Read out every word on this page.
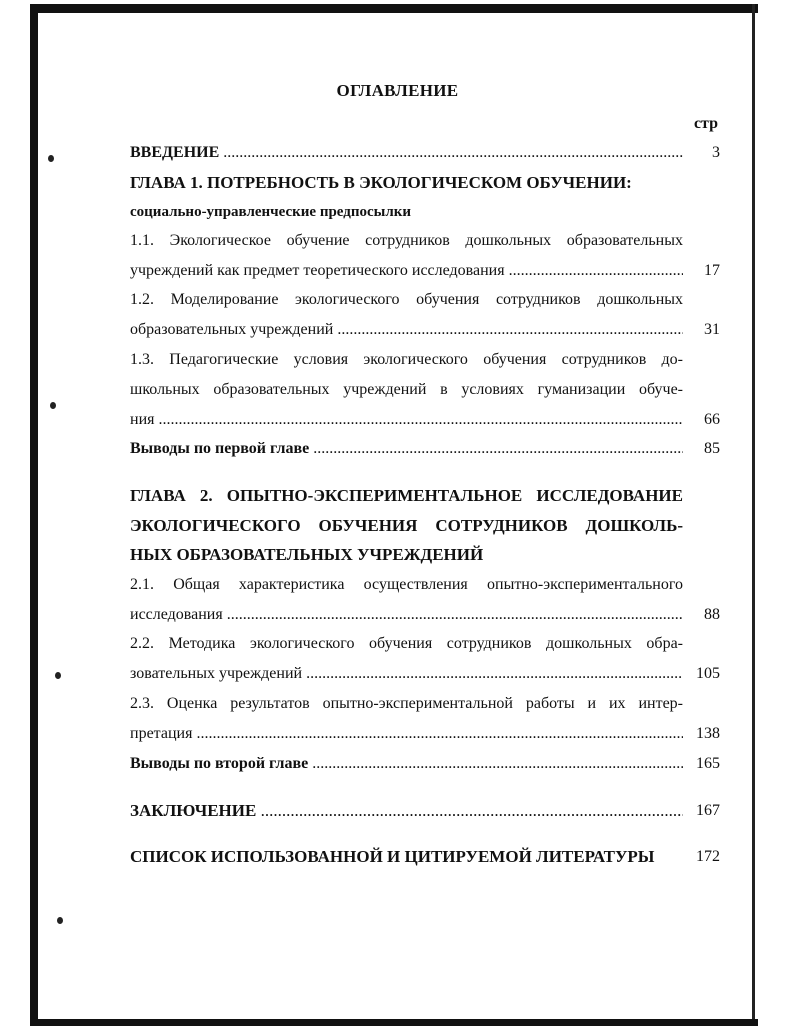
ОГЛАВЛЕНИЕ
стр
ВВЕДЕНИЕ .....	3
ГЛАВА 1. ПОТРЕБНОСТЬ В ЭКОЛОГИЧЕСКОМ ОБУЧЕНИИ:
социально-управленческие предпосылки
1.1. Экологическое обучение сотрудников дошкольных образовательных
учреждений как предмет теоретического исследования .....	17
1.2. Моделирование экологического обучения сотрудников дошкольных
образовательных учреждений .....	31
1.3. Педагогические условия экологического обучения сотрудников до-
школьных образовательных учреждений в условиях гуманизации обуче-
ния .....	66
Выводы по первой главе .....	85
ГЛАВА 2. ОПЫТНО-ЭКСПЕРИМЕНТАЛЬНОЕ ИССЛЕДОВАНИЕ
ЭКОЛОГИЧЕСКОГО ОБУЧЕНИЯ СОТРУДНИКОВ ДОШКОЛЬ-
НЫХ ОБРАЗОВАТЕЛЬНЫХ УЧРЕЖДЕНИЙ
2.1. Общая характеристика осуществления опытно-экспериментального
исследования .....	88
2.2. Методика экологического обучения сотрудников дошкольных обра-
зовательных учреждений .....	105
2.3. Оценка результатов опытно-экспериментальной работы и их интер-
претация .....	138
Выводы по второй главе .....	165
ЗАКЛЮЧЕНИЕ .....	167
СПИСОК ИСПОЛЬЗОВАННОЙ И ЦИТИРУЕМОЙ ЛИТЕРАТУРЫ	172
